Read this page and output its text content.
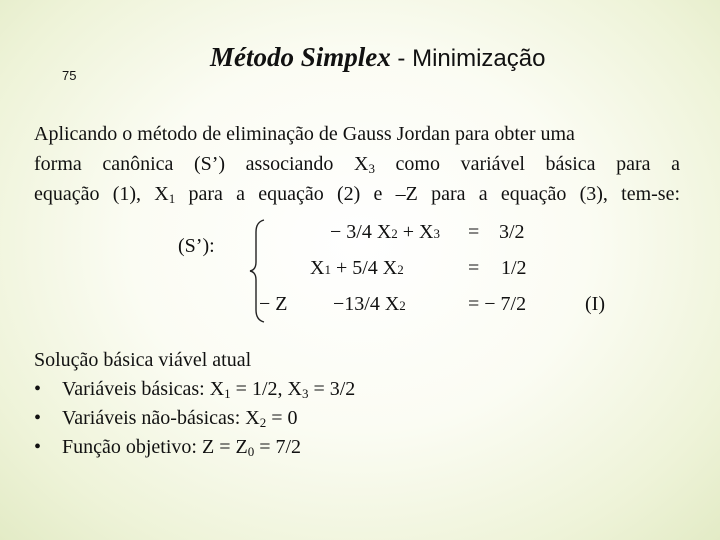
75
Método Simplex - Minimização

Aplicando o método de eliminação de Gauss Jordan para obter uma

forma canônica (S’) associando $X_3$ como variável básica para a

equação (1), $X_1$ para a equação (2) e –Z para a equação (3), tem-se:

(S’):
− 3/4 X2 + X3 = 3/2
X1 + 5/4 X2	= 1/2
− Z −13/4 X2	= − 7/2	(I)
Solução básica viável atual
•	Variáveis básicas: $X_1 = 1/2$, $X_3 = 3/2$
•	Variáveis não-básicas: $X_2 = 0$
•	Função objetivo: $Z = Z_0 = 7/2$
